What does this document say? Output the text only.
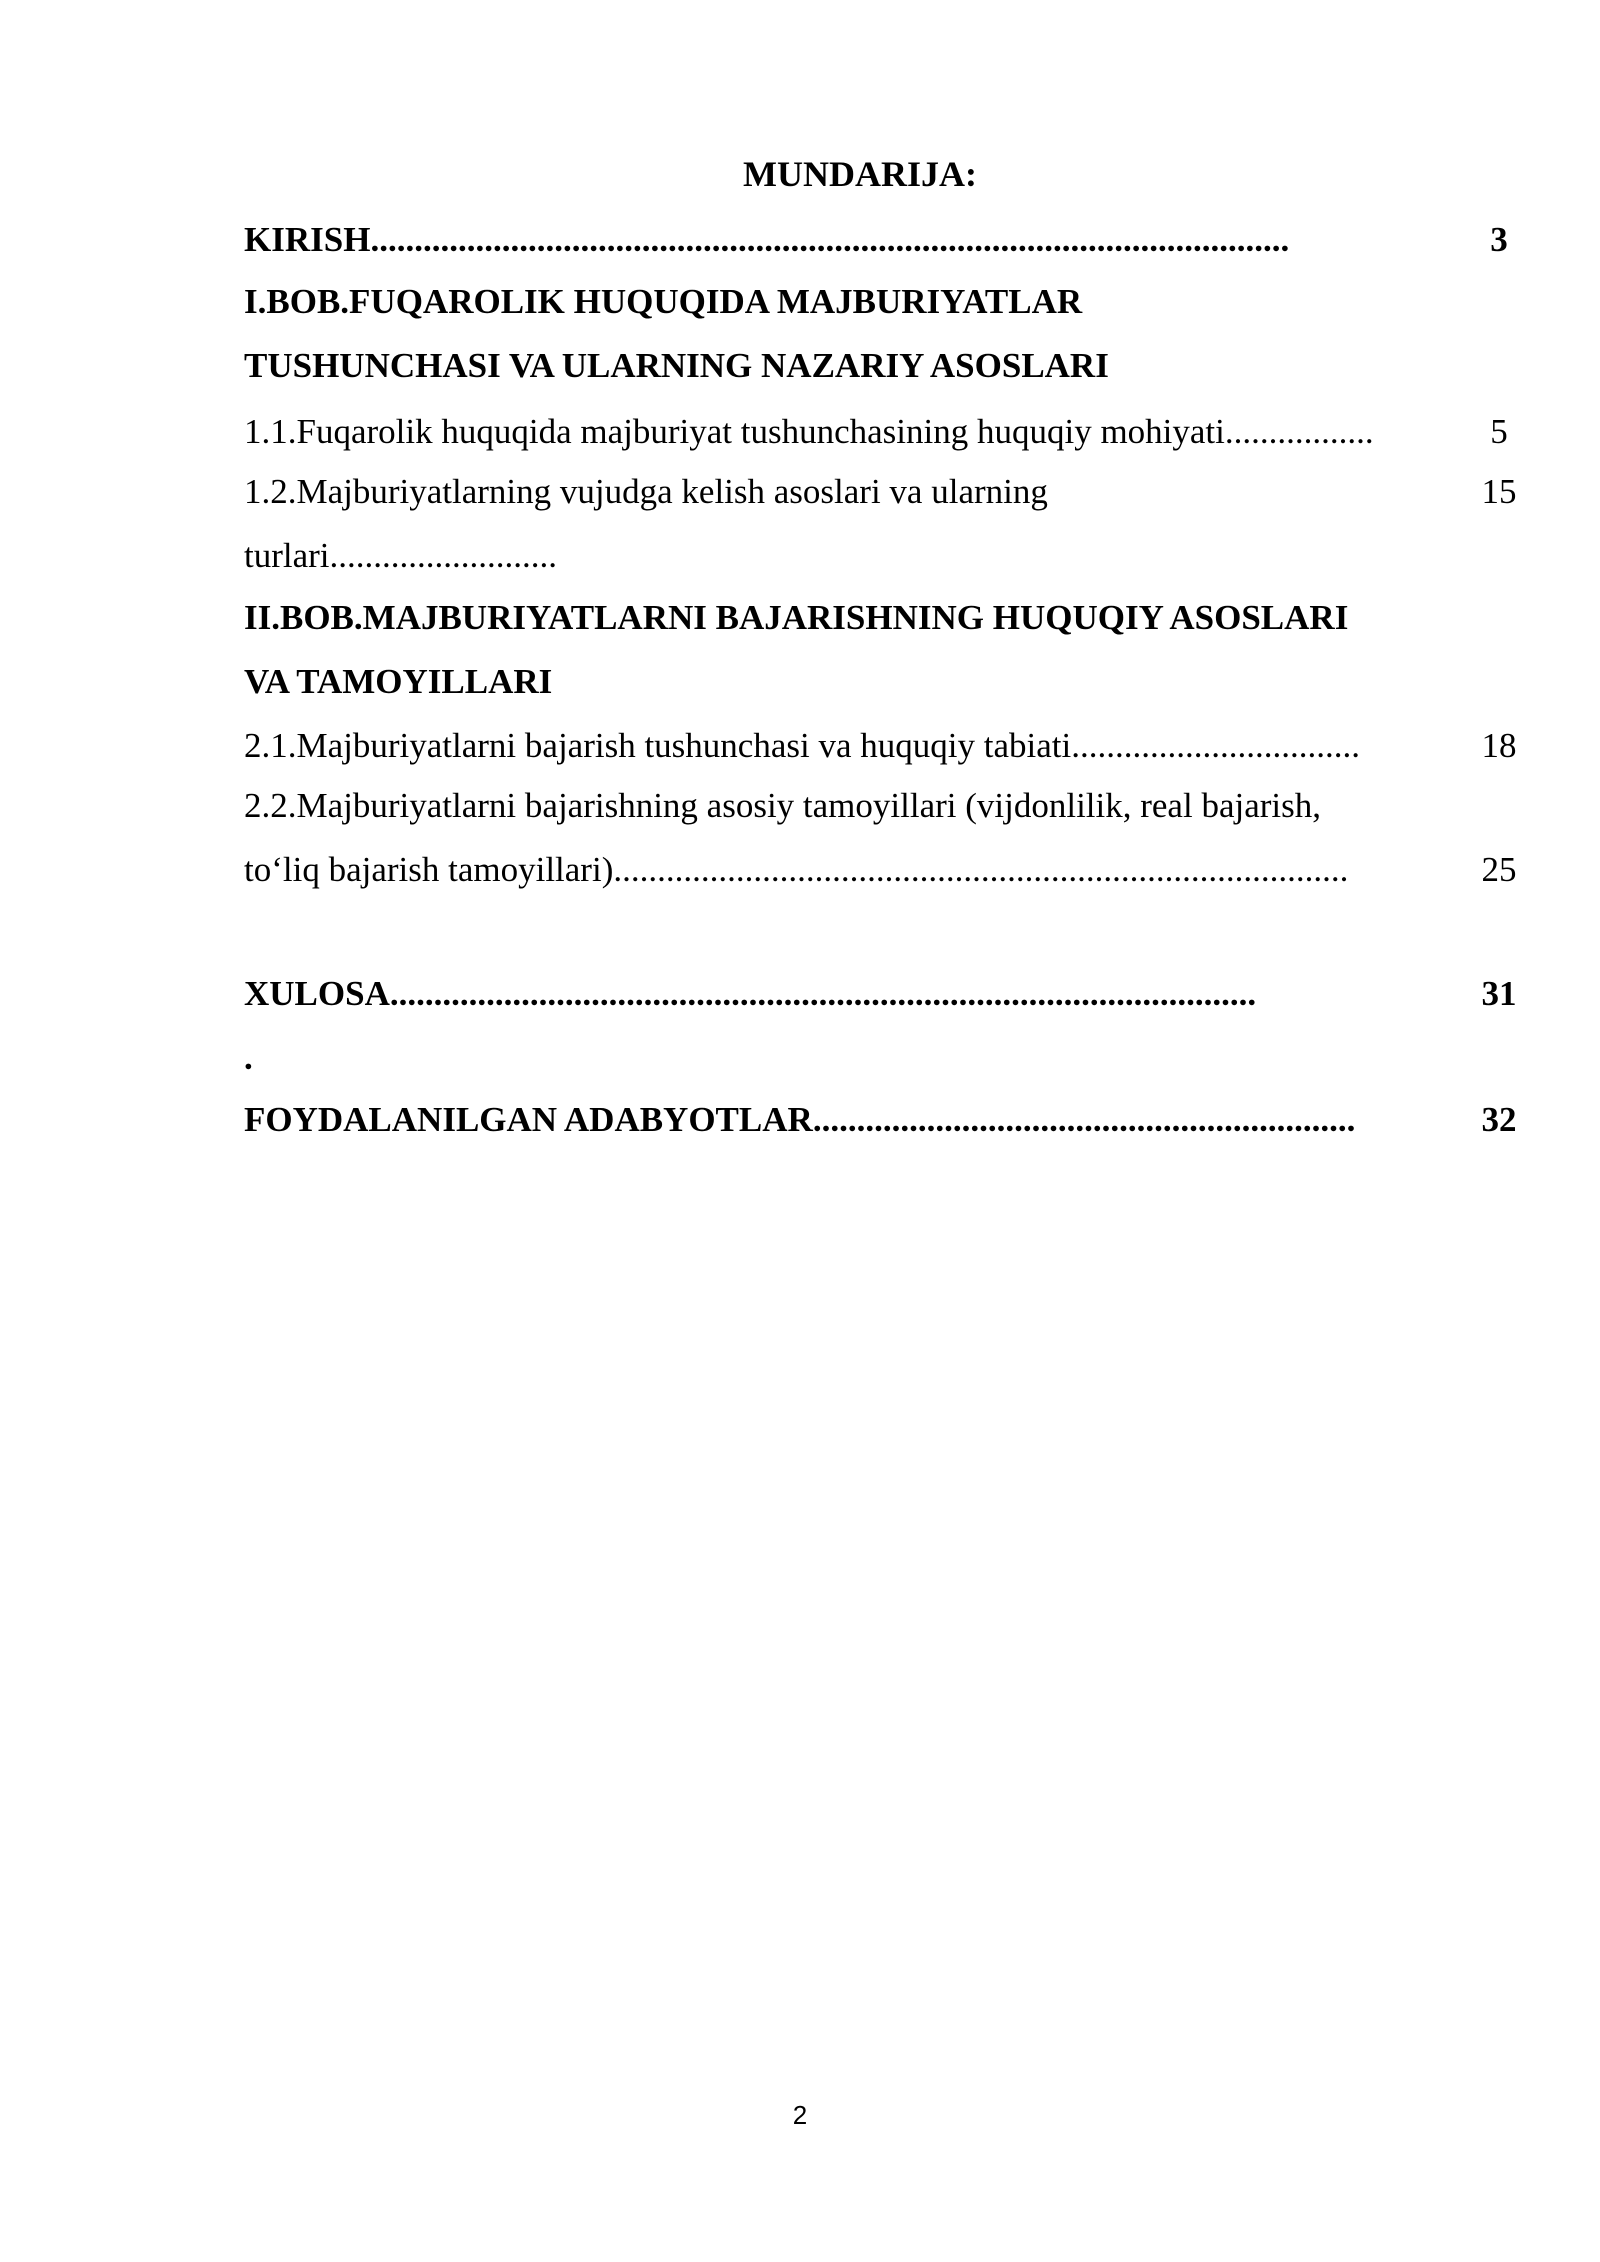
MUNDARIJA:
KIRISH.........................................................................................................	3
I.BOB.FUQAROLIK HUQUQIDA MAJBURIYATLAR
TUSHUNCHASI VA ULARNING NAZARIY ASOSLARI
1.1.Fuqarolik huquqida majburiyat tushunchasining huquqiy mohiyati.................	5
1.2.Majburiyatlarning vujudga kelish asoslari va ularning	15
turlari..........................
II.BOB.MAJBURIYATLARNI BAJARISHNING HUQUQIY ASOSLARI
VA TAMOYILLARI
2.1.Majburiyatlarni bajarish tushunchasi va huquqiy tabiati.................................	18
2.2.Majburiyatlarni bajarishning asosiy tamoyillari (vijdonlilik, real bajarish,
to‘liq bajarish tamoyillari)....................................................................................	25
XULOSA...................................................................................................	31
.
FOYDALANILGAN ADABYOTLAR..............................................................	32
2
